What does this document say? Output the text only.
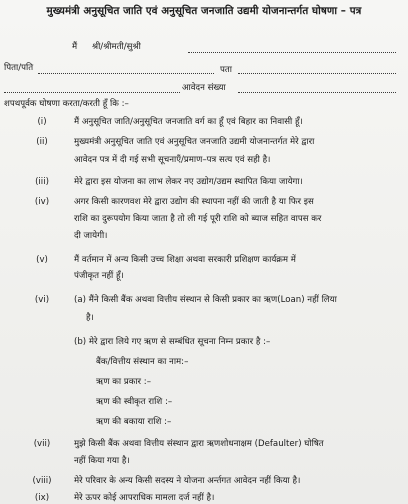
मुख्यमंत्री अनुसूचित जाति एवं अनुसूचित जनजाति उद्यमी योजनान्तर्गत घोषणा – पत्र
मैं श्री/श्रीमती/सुश्री
पिता/पति	पता
आवेदन संख्या
शपथपूर्वक घोषणा करता/करती हूँ कि :–
(i)	मैं अनुसूचित जाति/अनुसूचित जनजाति वर्ग का हूँ एवं बिहार का निवासी हूँ।
(ii)	मुख्यमंत्री अनुसूचित जाति एवं अनुसूचित जनजाति उद्यमी योजनान्तर्गत मेरे द्वारा
आवेदन पत्र में दी गई सभी सूचनाएँ/प्रमाण–पत्र सत्य एवं सही है।
(iii)	मेरे द्वारा इस योजना का लाभ लेकर नए उद्योग/उद्यम स्थापित किया जायेगा।
(iv)	अगर किसी कारणवश मेरे द्वारा उद्योग की स्थापना नहीं की जाती है या फिर इस
राशि का दुरूपयोग किया जाता है तो ली गई पूरी राशि को ब्याज सहित वापस कर
दी जायेगी।
(v)	मैं वर्तमान में अन्य किसी उच्च शिक्षा अथवा सरकारी प्रशिक्षण कार्यक्रम में
पंजीकृत नहीं हूँ।
(vi)	(a) मैंने किसी बैंक अथवा वित्तीय संस्थान से किसी प्रकार का ऋण(Loan) नहीं लिया
है।
(b) मेरे द्वारा लिये गए ऋण से सम्बंधित सूचना निम्न प्रकार है :–
बैंक/वित्तीय संस्थान का नाम:–
ऋण का प्रकार :–
ऋण की स्वीकृत राशि :–
ऋण की बकाया राशि :–
(vii)	मुझे किसी बैंक अथवा वित्तीय संस्थान द्वारा ऋणशोधनाक्षम (Defaulter) घोषित
नहीं किया गया है।
(viii)	मेरे परिवार के अन्य किसी सदस्य ने योजना अर्न्तगत आवेदन नहीं किया है।
(ix)	मेरे ऊपर कोई आपराधिक मामला दर्ज नहीं है।
